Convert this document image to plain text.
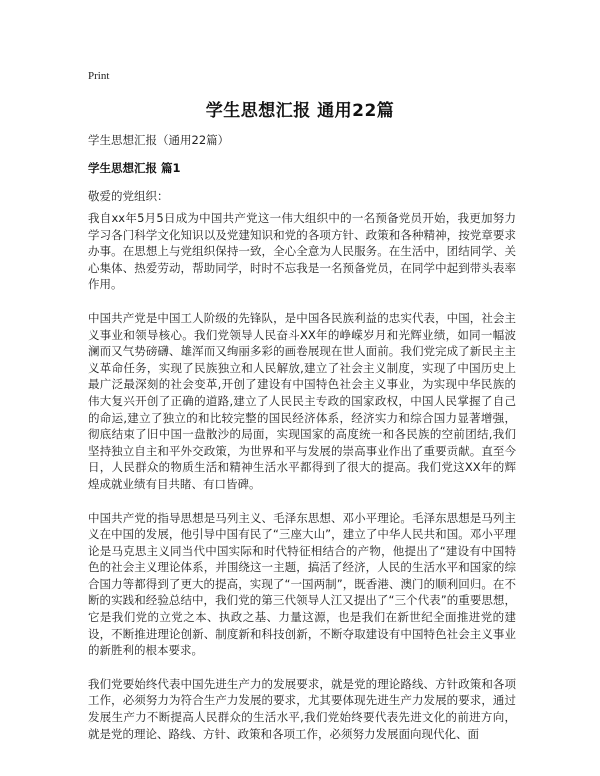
Print
学生思想汇报 通用22篇
学生思想汇报（通用22篇）
学生思想汇报 篇1
敬爱的党组织：

我自xx年5月5日成为中国共产党这一伟大组织中的一名预备党员开始，我更加努力学习各门科学文化知识以及党建知识和党的各项方针、政策和各种精神，按党章要求办事。在思想上与党组织保持一致，全心全意为人民服务。在生活中，团结同学、关心集体、热爱劳动，帮助同学，时时不忘我是一名预备党员，在同学中起到带头表率作用。

中国共产党是中国工人阶级的先锋队，是中国各民族利益的忠实代表，中国，社会主义事业和领导核心。我们党领导人民奋斗XX年的峥嵘岁月和光辉业绩，如同一幅波澜而又气势磅礴、雄浑而又绚丽多彩的画卷展现在世人面前。我们党完成了新民主主义革命任务，实现了民族独立和人民解放,建立了社会主义制度，实现了中国历史上最广泛最深刻的社会变革,开创了建设有中国特色社会主义事业，为实现中华民族的伟大复兴开创了正确的道路,建立了人民民主专政的国家政权，中国人民掌握了自己的命运,建立了独立的和比较完整的国民经济体系，经济实力和综合国力显著增强，彻底结束了旧中国一盘散沙的局面，实现国家的高度统一和各民族的空前团结,我们坚持独立自主和平外交政策，为世界和平与发展的崇高事业作出了重要贡献。直至今日，人民群众的物质生活和精神生活水平都得到了很大的提高。我们党这XX年的辉煌成就业绩有目共睹、有口皆碑。

中国共产党的指导思想是马列主义、毛泽东思想、邓小平理论。毛泽东思想是马列主义在中国的发展，他引导中国有民了“三座大山”，建立了中华人民共和国。邓小平理论是马克思主义同当代中国实际和时代特征相结合的产物，他提出了“建设有中国特色的社会主义理论体系，并围绕这一主题，搞活了经济，人民的生活水平和国家的综合国力等都得到了更大的提高，实现了“一国两制”，既香港、澳门的顺利回归。在不断的实践和经验总结中，我们党的第三代领导人江又提出了“三个代表”的重要思想，它是我们党的立党之本、执政之基、力量这源，也是我们在新世纪全面推进党的建设，不断推进理论创新、制度新和科技创新，不断夺取建设有中国特色社会主义事业的新胜利的根本要求。

我们党要始终代表中国先进生产力的发展要求，就是党的理论路线、方针政策和各项工作，必须努力为符合生产力发展的要求，尤其要体现先进生产力发展的要求，通过发展生产力不断提高人民群众的生活水平,我们党始终要代表先进文化的前进方向，就是党的理论、路线、方针、政策和各项工作，必须努力发展面向现代化、面
